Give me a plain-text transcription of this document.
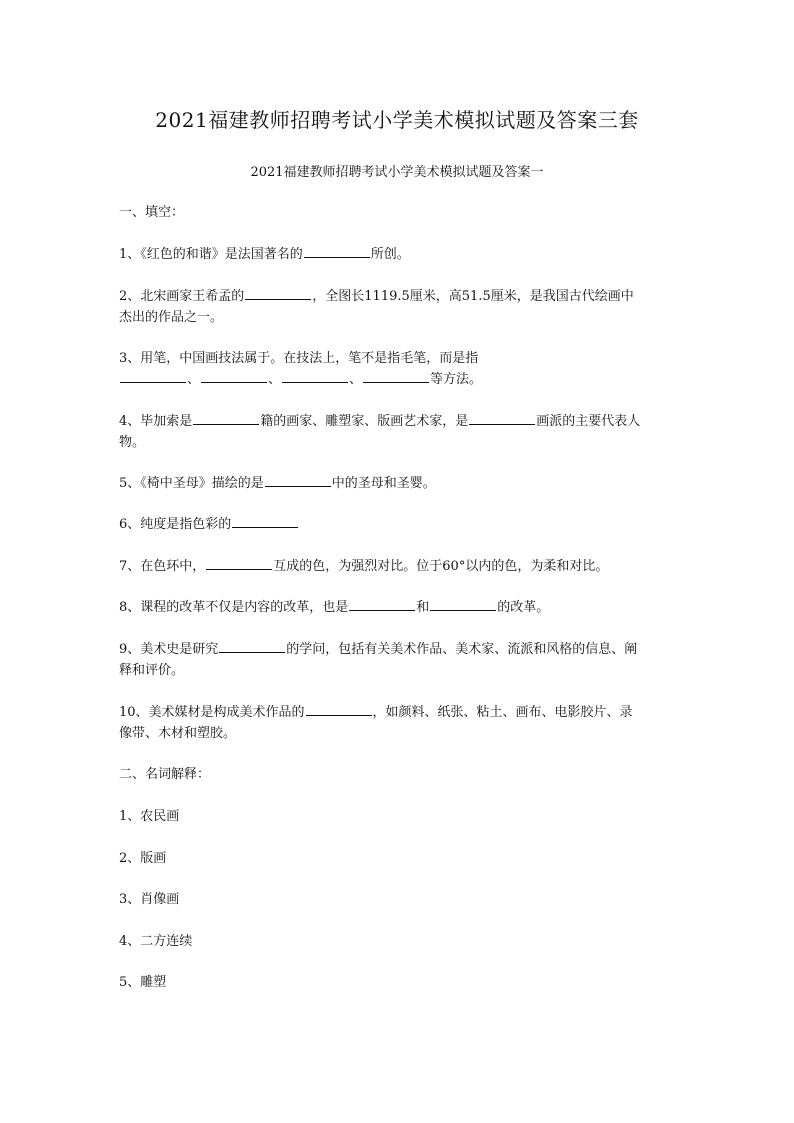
2021福建教师招聘考试小学美术模拟试题及答案三套
2021福建教师招聘考试小学美术模拟试题及答案一

一、填空：

1、《红色的和谐》是法国著名的	所创。

2、北宋画家王希孟的	，全图长1119.5厘米，高51.5厘米，是我国古代绘画中
杰出的作品之一。

3、用笔，中国画技法属于。在技法上，笔不是指毛笔，而是指
、	、	、	等方法。

4、毕加索是	籍的画家、雕塑家、版画艺术家，是	画派的主要代表人
物。

5、《椅中圣母》描绘的是	中的圣母和圣婴。

6、纯度是指色彩的

7、在色环中，	互成的色，为强烈对比。位于60°以内的色，为柔和对比。

8、课程的改革不仅是内容的改革，也是	和	的改革。

9、美术史是研究	的学问，包括有关美术作品、美术家、流派和风格的信息、阐
释和评价。

10、美术媒材是构成美术作品的	，如颜料、纸张、粘土、画布、电影胶片、录
像带、木材和塑胶。

二、名词解释：

1、农民画

2、版画

3、肖像画

4、二方连续

5、雕塑
